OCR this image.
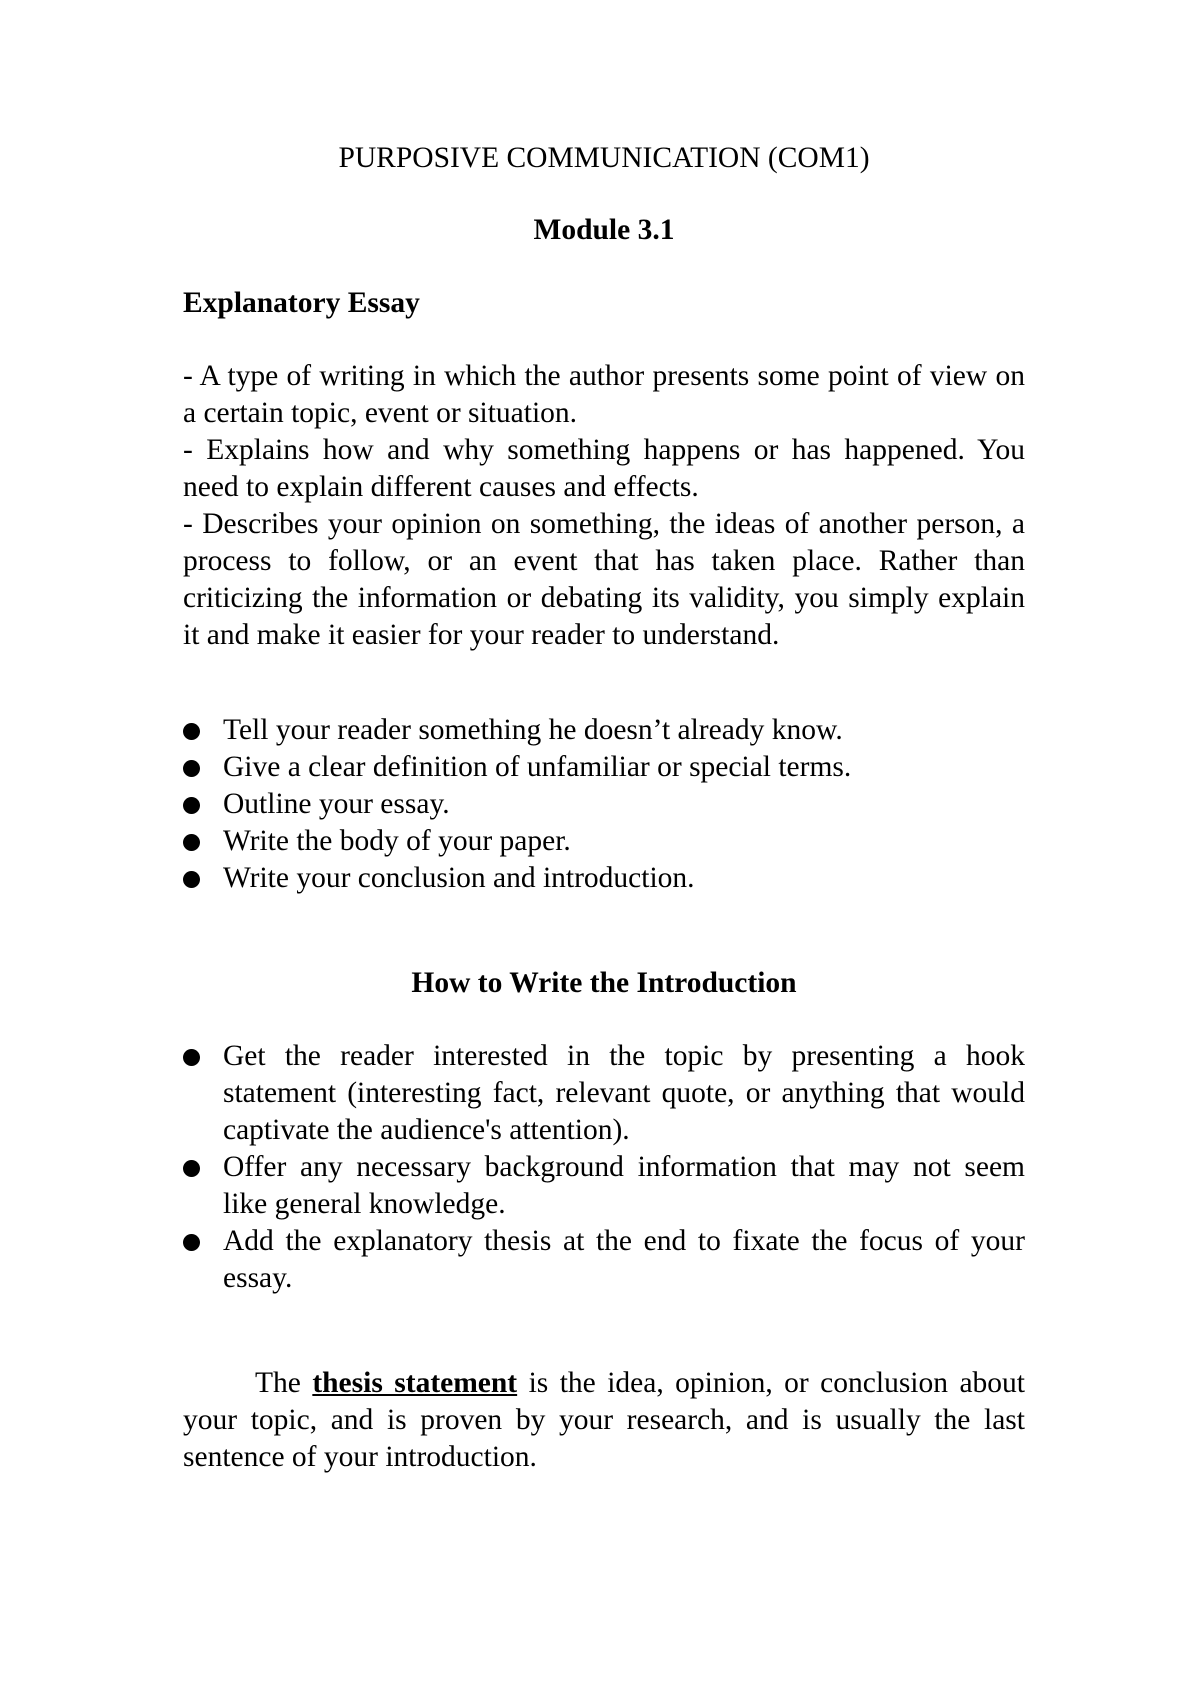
PURPOSIVE COMMUNICATION (COM1)
Module 3.1
Explanatory Essay

- A type of writing in which the author presents some point of view on a certain topic, event or situation.

- Explains how and why something happens or has happened. You need to explain different causes and effects.

- Describes your opinion on something, the ideas of another person, a process to follow, or an event that has taken place. Rather than criticizing the information or debating its validity, you simply explain it and make it easier for your reader to understand.

Tell your reader something he doesn’t already know.
Give a clear definition of unfamiliar or special terms.
Outline your essay.
Write the body of your paper.
Write your conclusion and introduction.
How to Write the Introduction
Get the reader interested in the topic by presenting a hook statement (interesting fact, relevant quote, or anything that would captivate the audience's attention).
Offer any necessary background information that may not seem like general knowledge.
Add the explanatory thesis at the end to fixate the focus of your essay.

The thesis statement is the idea, opinion, or conclusion about your topic, and is proven by your research, and is usually the last sentence of your introduction.
